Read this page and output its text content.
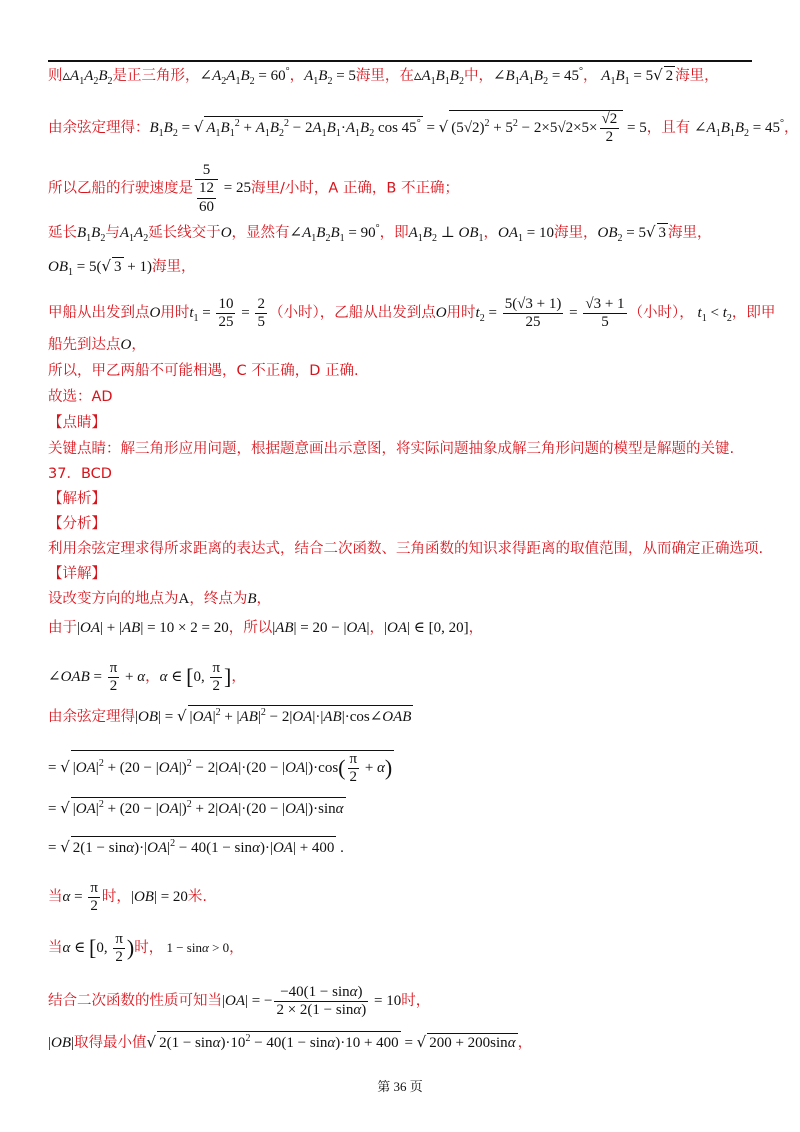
则$▵A_1A_2B_2$是正三角形，$\angle A_2A_1B_2 = 60^\circ$，$A_1B_2 = 5$海里，在$▵A_1B_1B_2$中，$\angle B_1A_1B_2 = 45^\circ$， $A_1B_1 = 5√$ 2 海里，
由余弦定理得：$B_1B_2$ = √ $A_1B_1^2 + A_1B_2^2 - 2A_1B_1\cdot A_1B_2$ cos 45° = √ $(5√2)^2 + 5^2 - 2\times 5√2\times 5\times \frac{√2}{2} = 5$，且有 $\angle A_1B_1B_2 = 45^\circ$，
所以乙船的行驶速度是 $\frac{5}{\frac{12}{60}} = 25$海里/小时，A 正确，B 不正确；
延长$B_1B_2$与$A_1A_2$延长线交于O，显然有$\angle A_1B_2B_1 = 90^\circ$，即$A_1B_2$ ⊥ $OB_1$，$OA_1 = 10$海里，$OB_2 = 5√$ 3 海里，
$OB_1 = 5(√$ 3 + 1)海里，
甲船从出发到点O用时$t_1 = \frac{10}{25} = \frac{2}{5}$ （小时），乙船从出发到点O用时$t_2 = \frac{5(√3 + 1)}{25} = \frac{√3 + 1}{5}$ （小时）， $t_1 < t_2$，即甲
船先到达点O，
所以，甲乙两船不可能相遇，C 不正确，D 正确.
故选：AD
【点睛】
关键点睛：解三角形应用问题，根据题意画出示意图，将实际问题抽象成解三角形问题的模型是解题的关键.
37．BCD
【解析】
【分析】
利用余弦定理求得所求距离的表达式，结合二次函数、三角函数的知识求得距离的取值范围，从而确定正确选项.
【详解】
设改变方向的地点为A，终点为B，
由于|OA| + |AB| = 10 × 2 = 20，所以|AB| = 20 − |OA|，|OA| ∈ [0, 20]，
∠OAB = $\frac{\pi}{2} + \alpha$，α ∈ [0, $\frac{\pi}{2}$ ]，
由余弦定理得|OB| = √ $|OA|^2 + |AB|^2$ − 2|OA|·|AB|·cos∠OAB
= √ $|OA|^2 + (20 - |OA|)^2 - 2|OA|\cdot(20 - |OA|)\cdot\cos( \frac{\pi}{2} + \alpha)$
= √ $|OA|^2 + (20 - |OA|)^2 + 2|OA|\cdot(20 - |OA|)\cdot\sin\alpha$
= √ $2(1 - \sin\alpha)\cdot|OA|^2 - 40(1 - \sin\alpha)\cdot|OA| + 400$ .
当$\alpha = \frac{\pi}{2}$ 时，|OB| = 20米.
当α ∈ [0, $\frac{\pi}{2}$ )时， 1 − sinα > 0，
结合二次函数的性质可知当|OA| = − $\frac{-40(1 - \sin\alpha)}{2 \times 2(1 - \sin\alpha)} = 10$时，
|OB|取得最小值√ $2(1 - \sin\alpha)\cdot 10^2 - 40(1 - \sin\alpha)\cdot 10 + 400$ = √ 200 + 200sinα ，
第 36 页
